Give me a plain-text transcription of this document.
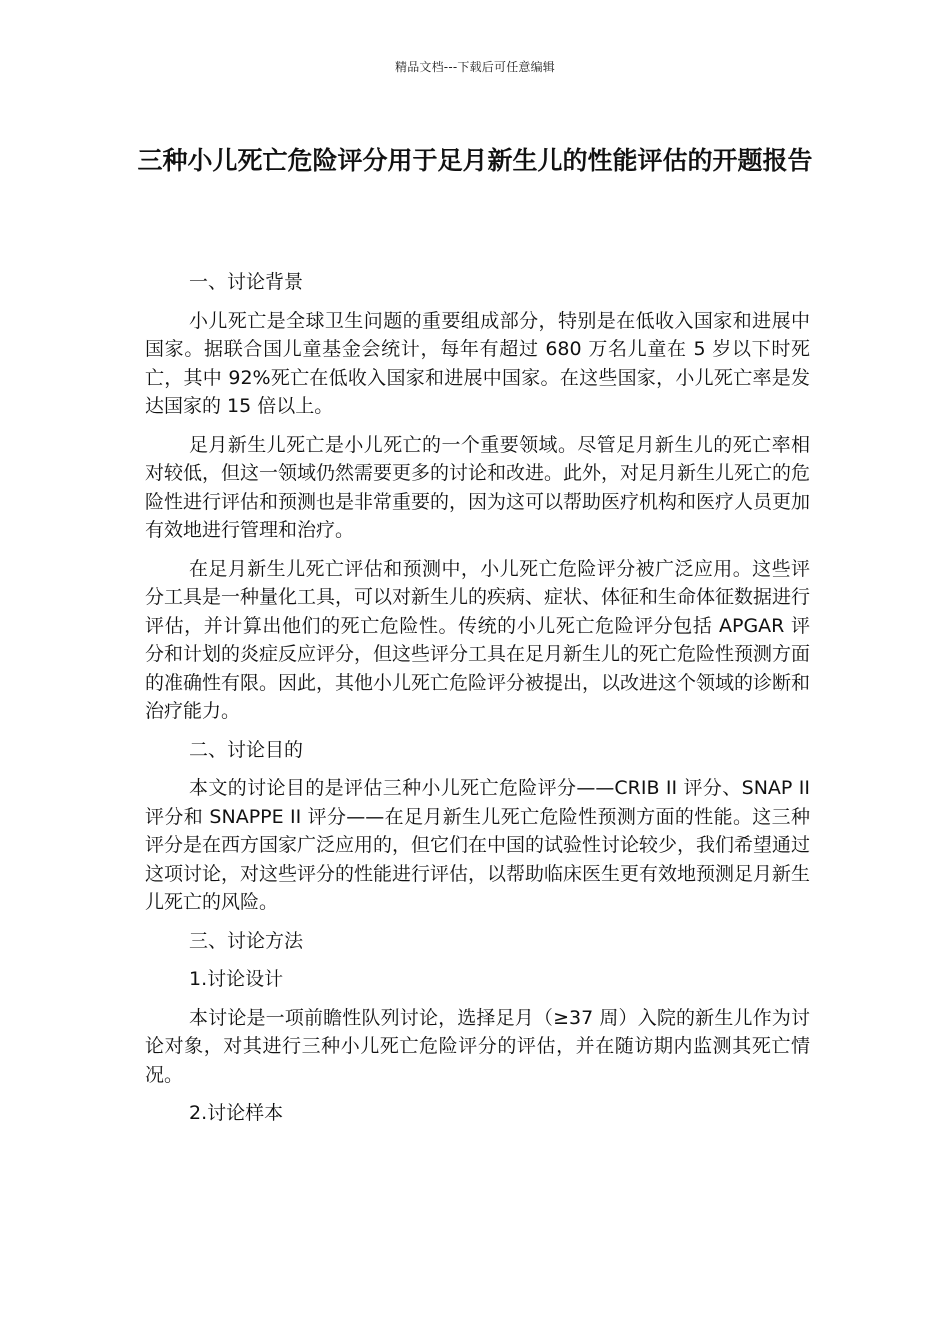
精品文档---下载后可任意编辑
三种小儿死亡危险评分用于足月新生儿的性能评估的开题报告
一、讨论背景

小儿死亡是全球卫生问题的重要组成部分，特别是在低收入国家和进展中国家。据联合国儿童基金会统计，每年有超过 680 万名儿童在 5 岁以下时死亡，其中 92%死亡在低收入国家和进展中国家。在这些国家，小儿死亡率是发达国家的 15 倍以上。

足月新生儿死亡是小儿死亡的一个重要领域。尽管足月新生儿的死亡率相对较低，但这一领域仍然需要更多的讨论和改进。此外，对足月新生儿死亡的危险性进行评估和预测也是非常重要的，因为这可以帮助医疗机构和医疗人员更加有效地进行管理和治疗。

在足月新生儿死亡评估和预测中，小儿死亡危险评分被广泛应用。这些评分工具是一种量化工具，可以对新生儿的疾病、症状、体征和生命体征数据进行评估，并计算出他们的死亡危险性。传统的小儿死亡危险评分包括 APGAR 评分和计划的炎症反应评分，但这些评分工具在足月新生儿的死亡危险性预测方面的准确性有限。因此，其他小儿死亡危险评分被提出，以改进这个领域的诊断和治疗能力。

二、讨论目的

本文的讨论目的是评估三种小儿死亡危险评分——CRIB II 评分、SNAP II 评分和 SNAPPE II 评分——在足月新生儿死亡危险性预测方面的性能。这三种评分是在西方国家广泛应用的，但它们在中国的试验性讨论较少，我们希望通过这项讨论，对这些评分的性能进行评估，以帮助临床医生更有效地预测足月新生儿死亡的风险。

三、讨论方法
1.讨论设计

本讨论是一项前瞻性队列讨论，选择足月（≥37 周）入院的新生儿作为讨论对象，对其进行三种小儿死亡危险评分的评估，并在随访期内监测其死亡情况。

2.讨论样本
